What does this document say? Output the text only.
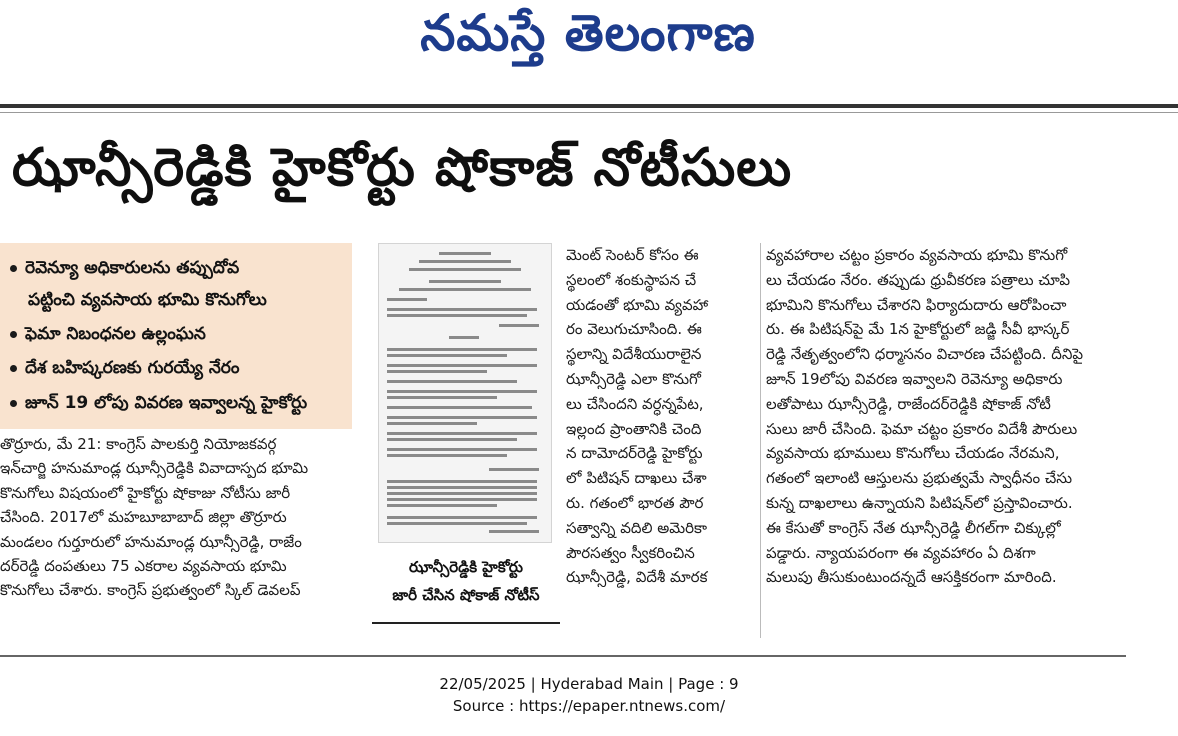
నమస్తే తెలంగాణ
ఝాన్సీరెడ్డికి హైకోర్టు షోకాజ్ నోటీసులు
రెవెన్యూ అధికారులను తప్పుదోవ
పట్టించి వ్యవసాయ భూమి కొనుగోలు
ఫెమా నిబంధనల ఉల్లంఘన
దేశ బహిష్కరణకు గురయ్యే నేరం
జూన్ 19 లోపు వివరణ ఇవ్వాలన్న హైకోర్టు
తొర్రూరు, మే 21: కాంగ్రెస్ పాలకుర్తి నియోజకవర్గ
ఇన్‌చార్జి హనుమాండ్ల ఝాన్సీరెడ్డికి వివాదాస్పద భూమి
కొనుగోలు విషయంలో హైకోర్టు షోకాజు నోటీసు జారీ
చేసింది. 2017లో మహబూబాబాద్ జిల్లా తొర్రూరు
మండలం గుర్తూరులో హనుమాండ్ల ఝాన్సీరెడ్డి, రాజేం
దర్‌రెడ్డి దంపతులు 75 ఎకరాల వ్యవసాయ భూమి
కొనుగోలు చేశారు. కాంగ్రెస్ ప్రభుత్వంలో స్కిల్ డెవలప్
ఝాన్సీరెడ్డికి హైకోర్టు
జారీ చేసిన షోకాజ్ నోటీస్
మెంట్ సెంటర్ కోసం ఈ
స్థలంలో శంకుస్థాపన చే
యడంతో భూమి వ్యవహా
రం వెలుగుచూసింది. ఈ
స్థలాన్ని విదేశీయురాలైన
ఝాన్సీరెడ్డి ఎలా కొనుగో
లు చేసిందని వర్ధన్నపేట,
ఇల్లంద ప్రాంతానికి చెంది
న దామోదర్‌రెడ్డి హైకోర్టు
లో పిటిషన్ దాఖలు చేశా
రు. గతంలో భారత పౌర
సత్వాన్ని వదిలి అమెరికా
పౌరసత్వం స్వీకరించిన
ఝాన్సీరెడ్డి, విదేశీ మారక
వ్యవహారాల చట్టం ప్రకారం వ్యవసాయ భూమి కొనుగో
లు చేయడం నేరం. తప్పుడు ధ్రువీకరణ పత్రాలు చూపి
భూమిని కొనుగోలు చేశారని ఫిర్యాదుదారు ఆరోపించా
రు. ఈ పిటిషన్‌పై మే 1న హైకోర్టులో జడ్జి సీవీ భాస్కర్
రెడ్డి నేతృత్వంలోని ధర్మాసనం విచారణ చేపట్టింది. దీనిపై
జూన్ 19లోపు వివరణ ఇవ్వాలని రెవెన్యూ అధికారు
లతోపాటు ఝాన్సీరెడ్డి, రాజేందర్‌రెడ్డికి షోకాజ్ నోటీ
సులు జారీ చేసింది. ఫెమా చట్టం ప్రకారం విదేశీ పౌరులు
వ్యవసాయ భూములు కొనుగోలు చేయడం నేరమని,
గతంలో ఇలాంటి ఆస్తులను ప్రభుత్వమే స్వాధీనం చేసు
కున్న దాఖలాలు ఉన్నాయని పిటిషన్‌లో ప్రస్తావించారు.
ఈ కేసుతో కాంగ్రెస్ నేత ఝాన్సీరెడ్డి లీగల్‌గా చిక్కుల్లో
పడ్డారు. న్యాయపరంగా ఈ వ్యవహారం ఏ దిశగా
మలుపు తీసుకుంటుందన్నదే ఆసక్తికరంగా మారింది.
22/05/2025 | Hyderabad Main | Page : 9
Source : https://epaper.ntnews.com/
